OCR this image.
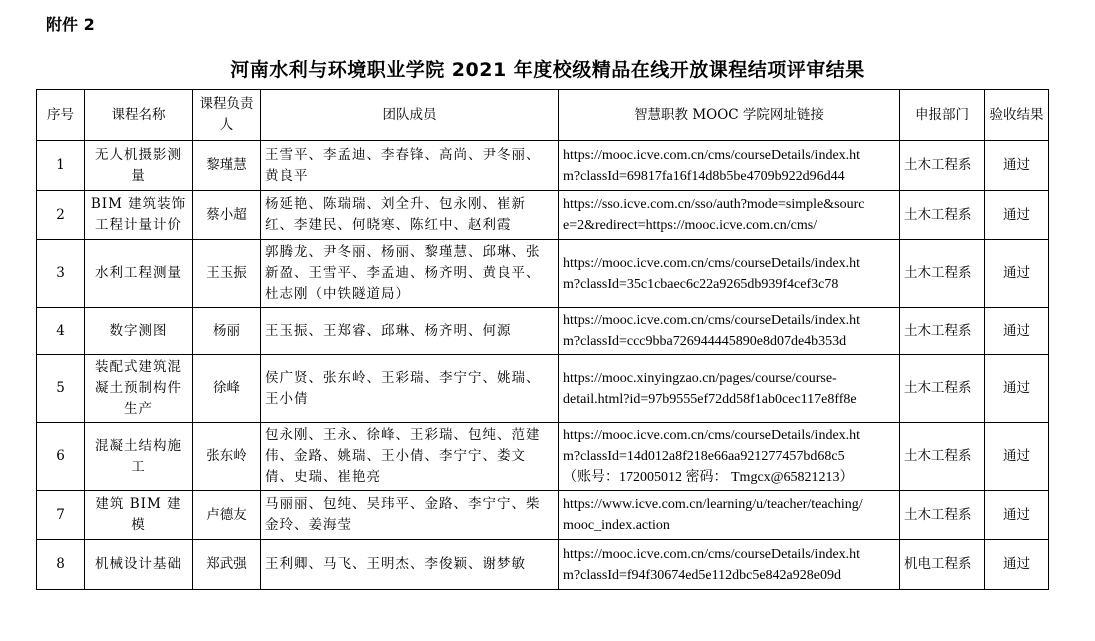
附件 2
河南水利与环境职业学院 2021 年度校级精品在线开放课程结项评审结果
序号	课程名称	课程负责人	团队成员	智慧职教 MOOC 学院网址链接	申报部门	验收结果
1	无人机摄影测量	黎瑾慧	王雪平、李孟迪、李春锋、高尚、尹冬丽、黄良平	https://mooc.icve.com.cn/cms/courseDetails/index.ht
m?classId=69817fa16f14d8b5be4709b922d96d44	土木工程系	通过
2	BIM 建筑装饰工程计量计价	蔡小超	杨延艳、陈瑞瑞、刘全升、包永刚、崔新红、李建民、何晓寒、陈红中、赵利霞	https://sso.icve.com.cn/sso/auth?mode=simple&sourc
e=2&redirect=https://mooc.icve.com.cn/cms/	土木工程系	通过
3	水利工程测量	王玉振	郭腾龙、尹冬丽、杨丽、黎瑾慧、邱琳、张新盈、王雪平、李孟迪、杨齐明、黄良平、杜志刚（中铁隧道局）	https://mooc.icve.com.cn/cms/courseDetails/index.ht
m?classId=35c1cbaec6c22a9265db939f4cef3c78	土木工程系	通过
4	数字测图	杨丽	王玉振、王郑睿、邱琳、杨齐明、何源	https://mooc.icve.com.cn/cms/courseDetails/index.ht
m?classId=ccc9bba726944445890e8d07de4b353d	土木工程系	通过
5	装配式建筑混凝土预制构件生产	徐峰	侯广贤、张东岭、王彩瑞、李宁宁、姚瑞、王小倩	https://mooc.xinyingzao.cn/pages/course/course-
detail.html?id=97b9555ef72dd58f1ab0cec117e8ff8e	土木工程系	通过
6	混凝土结构施工	张东岭	包永刚、王永、徐峰、王彩瑞、包纯、范建伟、金路、姚瑞、王小倩、李宁宁、娄文倩、史瑞、崔艳亮	https://mooc.icve.com.cn/cms/courseDetails/index.ht
m?classId=14d012a8f218e66aa921277457bd68c5
（账号：172005012 密码： Tmgcx@65821213）	土木工程系	通过
7	建筑 BIM 建模	卢德友	马丽丽、包纯、吴玮平、金路、李宁宁、柴金玲、姜海莹	https://www.icve.com.cn/learning/u/teacher/teaching/
mooc_index.action	土木工程系	通过
8	机械设计基础	郑武强	王利卿、马飞、王明杰、李俊颖、谢梦敏	https://mooc.icve.com.cn/cms/courseDetails/index.ht
m?classId=f94f30674ed5e112dbc5e842a928e09d	机电工程系	通过
